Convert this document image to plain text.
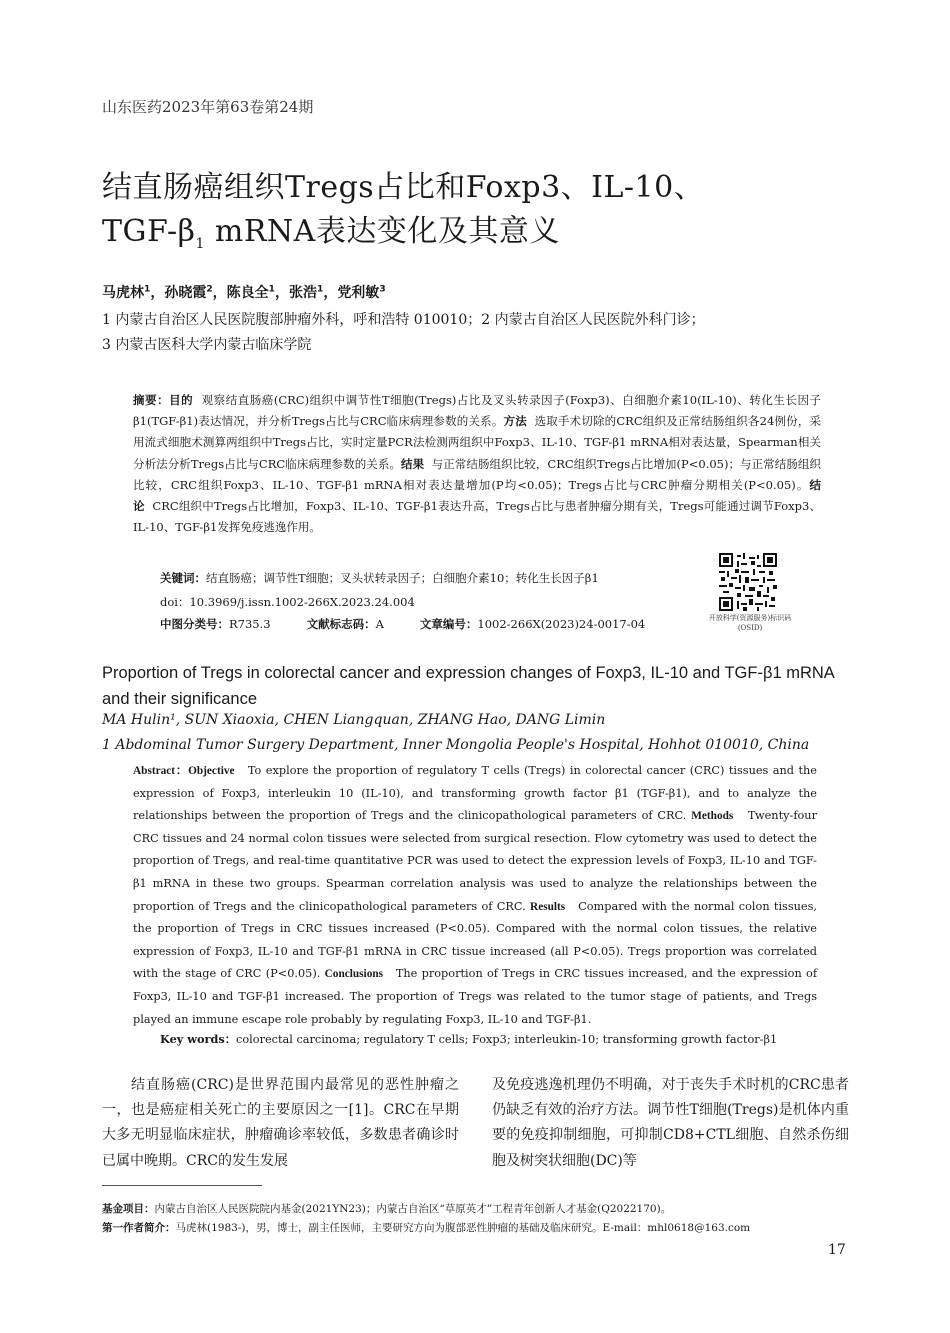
山东医药2023年第63卷第24期
结直肠癌组织Tregs占比和Foxp3、IL-10、
TGF-$\beta_1$ mRNA表达变化及其意义
马虎林$^1$，孙晓霞$^2$，陈良全$^1$，张浩$^1$，党利敏$^3$
1 内蒙古自治区人民医院腹部肿瘤外科，呼和浩特 010010；2 内蒙古自治区人民医院外科门诊；
3 内蒙古医科大学内蒙古临床学院
摘要：目的 观察结直肠癌(CRC)组织中调节性T细胞(Tregs)占比及叉头转录因子(Foxp3)、白细胞介素10(IL-10)、转化生长因子β1(TGF-β1)表达情况，并分析Tregs占比与CRC临床病理参数的关系。方法 选取手术切除的CRC组织及正常结肠组织各24例份，采用流式细胞术测算两组织中Tregs占比，实时定量PCR法检测两组织中Foxp3、IL-10、TGF-β1 mRNA相对表达量，Spearman相关分析法分析Tregs占比与CRC临床病理参数的关系。结果 与正常结肠组织比较，CRC组织Tregs占比增加(P<0.05)；与正常结肠组织比较，CRC组织Foxp3、IL-10、TGF-β1 mRNA相对表达量增加(P均<0.05)；Tregs占比与CRC肿瘤分期相关(P<0.05)。结论 CRC组织中Tregs占比增加，Foxp3、IL-10、TGF-β1表达升高，Tregs占比与患者肿瘤分期有关，Tregs可能通过调节Foxp3、IL-10、TGF-β1发挥免疫逃逸作用。
关键词：结直肠癌；调节性T细胞；叉头状转录因子；白细胞介素10；转化生长因子β1
doi：10.3969/j.issn.1002-266X.2023.24.004
中图分类号：R735.3	文献标志码：A	文章编号：1002-266X(2023)24-0017-04	开放科学(资源服务)标识码(OSID)
Proportion of Tregs in colorectal cancer and expression changes of Foxp3, IL-10 and TGF-β1 mRNA and their significance
MA Hulin¹, SUN Xiaoxia, CHEN Liangquan, ZHANG Hao, DANG Limin
1 Abdominal Tumor Surgery Department, Inner Mongolia People's Hospital, Hohhot 010010, China
Abstract：Objective To explore the proportion of regulatory T cells (Tregs) in colorectal cancer (CRC) tissues and the expression of Foxp3, interleukin 10 (IL-10), and transforming growth factor β1 (TGF-β1), and to analyze the relationships between the proportion of Tregs and the clinicopathological parameters of CRC. Methods Twenty-four CRC tissues and 24 normal colon tissues were selected from surgical resection. Flow cytometry was used to detect the proportion of Tregs, and real-time quantitative PCR was used to detect the expression levels of Foxp3, IL-10 and TGF-β1 mRNA in these two groups. Spearman correlation analysis was used to analyze the relationships between the proportion of Tregs and the clinicopathological parameters of CRC. Results Compared with the normal colon tissues, the proportion of Tregs in CRC tissues increased (P<0.05). Compared with the normal colon tissues, the relative expression of Foxp3, IL-10 and TGF-β1 mRNA in CRC tissue increased (all P<0.05). Tregs proportion was correlated with the stage of CRC (P<0.05). Conclusions The proportion of Tregs in CRC tissues increased, and the expression of Foxp3, IL-10 and TGF-β1 increased. The proportion of Tregs was related to the tumor stage of patients, and Tregs played an immune escape role probably by regulating Foxp3, IL-10 and TGF-β1.
Key words：colorectal carcinoma; regulatory T cells; Foxp3; interleukin-10; transforming growth factor-β1
结直肠癌(CRC)是世界范围内最常见的恶性肿瘤之一，也是癌症相关死亡的主要原因之一[1]。CRC在早期大多无明显临床症状，肿瘤确诊率较低，多数患者确诊时已属中晚期。CRC的发生发展
及免疫逃逸机理仍不明确，对于丧失手术时机的CRC患者仍缺乏有效的治疗方法。调节性T细胞(Tregs)是机体内重要的免疫抑制细胞，可抑制CD8+CTL细胞、自然杀伤细胞及树突状细胞(DC)等
基金项目：内蒙古自治区人民医院院内基金(2021YN23)；内蒙古自治区“草原英才”工程青年创新人才基金(Q2022170)。
第一作者简介：马虎林(1983-)，男，博士，副主任医师，主要研究方向为腹部恶性肿瘤的基础及临床研究。E-mail：mhl0618@163.com
17
